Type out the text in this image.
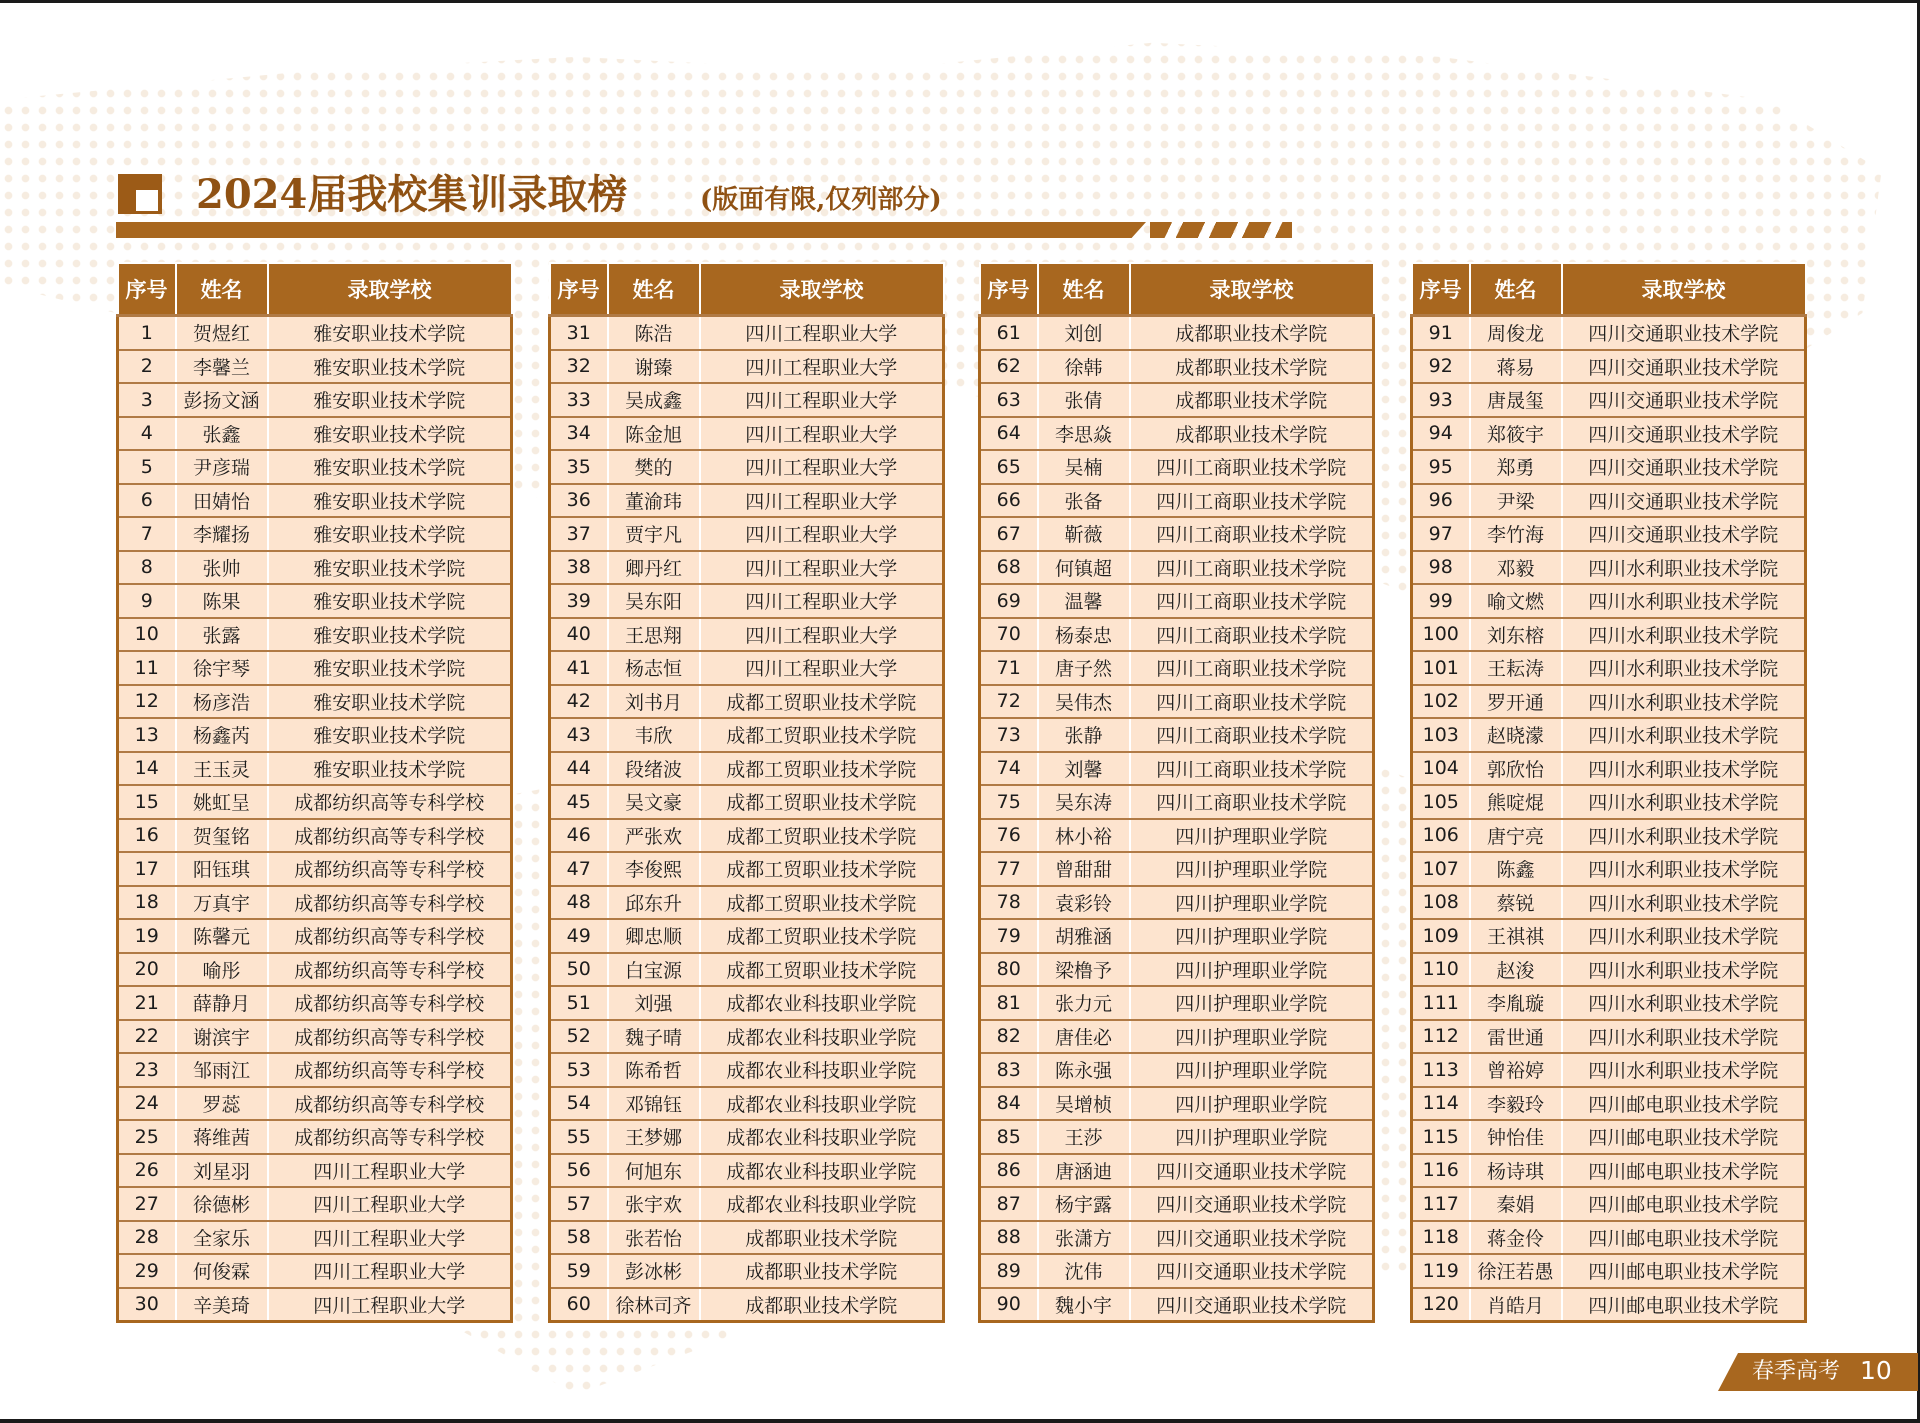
2024届我校集训录取榜	(版面有限,仅列部分)
序号	姓名	录取学校
1	贺煜红	雅安职业技术学院
2	李馨兰	雅安职业技术学院
3	彭扬文涵	雅安职业技术学院
4	张鑫	雅安职业技术学院
5	尹彦瑞	雅安职业技术学院
6	田婧怡	雅安职业技术学院
7	李耀扬	雅安职业技术学院
8	张帅	雅安职业技术学院
9	陈果	雅安职业技术学院
10	张露	雅安职业技术学院
11	徐宇琴	雅安职业技术学院
12	杨彦浩	雅安职业技术学院
13	杨鑫芮	雅安职业技术学院
14	王玉灵	雅安职业技术学院
15	姚虹呈	成都纺织高等专科学校
16	贺玺铭	成都纺织高等专科学校
17	阳钰琪	成都纺织高等专科学校
18	万真宇	成都纺织高等专科学校
19	陈馨元	成都纺织高等专科学校
20	喻彤	成都纺织高等专科学校
21	薛静月	成都纺织高等专科学校
22	谢滨宇	成都纺织高等专科学校
23	邹雨江	成都纺织高等专科学校
24	罗蕊	成都纺织高等专科学校
25	蒋维茜	成都纺织高等专科学校
26	刘星羽	四川工程职业大学
27	徐德彬	四川工程职业大学
28	全家乐	四川工程职业大学
29	何俊霖	四川工程职业大学
30	辛美琦	四川工程职业大学
序号	姓名	录取学校
31	陈浩	四川工程职业大学
32	谢臻	四川工程职业大学
33	吴成鑫	四川工程职业大学
34	陈金旭	四川工程职业大学
35	樊的	四川工程职业大学
36	董渝玮	四川工程职业大学
37	贾宇凡	四川工程职业大学
38	卿丹红	四川工程职业大学
39	吴东阳	四川工程职业大学
40	王思翔	四川工程职业大学
41	杨志恒	四川工程职业大学
42	刘书月	成都工贸职业技术学院
43	韦欣	成都工贸职业技术学院
44	段绪波	成都工贸职业技术学院
45	吴文豪	成都工贸职业技术学院
46	严张欢	成都工贸职业技术学院
47	李俊熙	成都工贸职业技术学院
48	邱东升	成都工贸职业技术学院
49	卿忠顺	成都工贸职业技术学院
50	白宝源	成都工贸职业技术学院
51	刘强	成都农业科技职业学院
52	魏子晴	成都农业科技职业学院
53	陈希哲	成都农业科技职业学院
54	邓锦钰	成都农业科技职业学院
55	王梦娜	成都农业科技职业学院
56	何旭东	成都农业科技职业学院
57	张宇欢	成都农业科技职业学院
58	张若怡	成都职业技术学院
59	彭冰彬	成都职业技术学院
60	徐林司齐	成都职业技术学院
序号	姓名	录取学校
61	刘创	成都职业技术学院
62	徐韩	成都职业技术学院
63	张倩	成都职业技术学院
64	李思焱	成都职业技术学院
65	吴楠	四川工商职业技术学院
66	张备	四川工商职业技术学院
67	靳薇	四川工商职业技术学院
68	何镇超	四川工商职业技术学院
69	温馨	四川工商职业技术学院
70	杨泰忠	四川工商职业技术学院
71	唐子然	四川工商职业技术学院
72	吴伟杰	四川工商职业技术学院
73	张静	四川工商职业技术学院
74	刘馨	四川工商职业技术学院
75	吴东涛	四川工商职业技术学院
76	林小裕	四川护理职业学院
77	曾甜甜	四川护理职业学院
78	袁彩铃	四川护理职业学院
79	胡雅涵	四川护理职业学院
80	梁橹予	四川护理职业学院
81	张力元	四川护理职业学院
82	唐佳必	四川护理职业学院
83	陈永强	四川护理职业学院
84	吴增桢	四川护理职业学院
85	王莎	四川护理职业学院
86	唐涵迪	四川交通职业技术学院
87	杨宇露	四川交通职业技术学院
88	张潇方	四川交通职业技术学院
89	沈伟	四川交通职业技术学院
90	魏小宇	四川交通职业技术学院
序号	姓名	录取学校
91	周俊龙	四川交通职业技术学院
92	蒋易	四川交通职业技术学院
93	唐晟玺	四川交通职业技术学院
94	郑筱宇	四川交通职业技术学院
95	郑勇	四川交通职业技术学院
96	尹梁	四川交通职业技术学院
97	李竹海	四川交通职业技术学院
98	邓毅	四川水利职业技术学院
99	喻文燃	四川水利职业技术学院
100	刘东榕	四川水利职业技术学院
101	王耘涛	四川水利职业技术学院
102	罗开通	四川水利职业技术学院
103	赵晓濛	四川水利职业技术学院
104	郭欣怡	四川水利职业技术学院
105	熊啶焜	四川水利职业技术学院
106	唐宁亮	四川水利职业技术学院
107	陈鑫	四川水利职业技术学院
108	蔡锐	四川水利职业技术学院
109	王祺祺	四川水利职业技术学院
110	赵浚	四川水利职业技术学院
111	李胤璇	四川水利职业技术学院
112	雷世通	四川水利职业技术学院
113	曾裕婷	四川水利职业技术学院
114	李毅玲	四川邮电职业技术学院
115	钟怡佳	四川邮电职业技术学院
116	杨诗琪	四川邮电职业技术学院
117	秦娟	四川邮电职业技术学院
118	蒋金伶	四川邮电职业技术学院
119	徐汪若愚	四川邮电职业技术学院
120	肖皓月	四川邮电职业技术学院
春季高考 10
